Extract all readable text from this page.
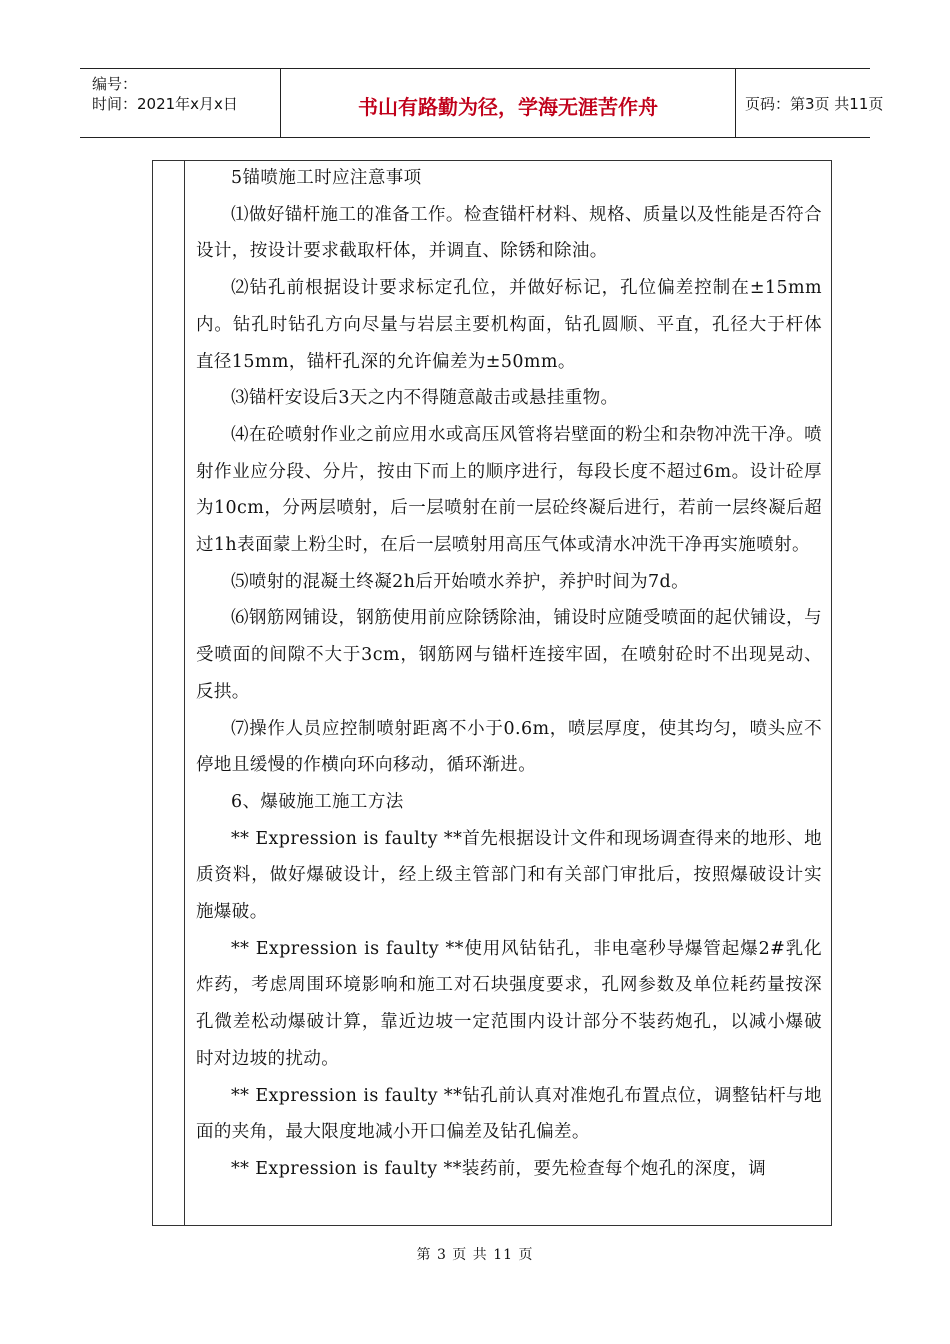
编号：
时间：2021年x月x日	书山有路勤为径，学海无涯苦作舟	页码：第3页 共11页

5锚喷施工时应注意事项

⑴做好锚杆施工的准备工作。检查锚杆材料、规格、质量以及性能是否符合设计，按设计要求截取杆体，并调直、除锈和除油。

⑵钻孔前根据设计要求标定孔位，并做好标记，孔位偏差控制在±15mm内。钻孔时钻孔方向尽量与岩层主要机构面，钻孔圆顺、平直，孔径大于杆体直径15mm，锚杆孔深的允许偏差为±50mm。

⑶锚杆安设后3天之内不得随意敲击或悬挂重物。

⑷在砼喷射作业之前应用水或高压风管将岩壁面的粉尘和杂物冲洗干净。喷射作业应分段、分片，按由下而上的顺序进行，每段长度不超过6m。设计砼厚为10cm，分两层喷射，后一层喷射在前一层砼终凝后进行，若前一层终凝后超过1h表面蒙上粉尘时，在后一层喷射用高压气体或清水冲洗干净再实施喷射。

⑸喷射的混凝土终凝2h后开始喷水养护，养护时间为7d。

⑹钢筋网铺设，钢筋使用前应除锈除油，铺设时应随受喷面的起伏铺设，与受喷面的间隙不大于3cm，钢筋网与锚杆连接牢固，在喷射砼时不出现晃动、反拱。

⑺操作人员应控制喷射距离不小于0.6m，喷层厚度，使其均匀，喷头应不停地且缓慢的作横向环向移动，循环渐进。

6、爆破施工施工方法

** Expression is faulty **首先根据设计文件和现场调查得来的地形、地质资料，做好爆破设计，经上级主管部门和有关部门审批后，按照爆破设计实施爆破。

** Expression is faulty **使用风钻钻孔，非电毫秒导爆管起爆2#乳化炸药，考虑周围环境影响和施工对石块强度要求，孔网参数及单位耗药量按深孔微差松动爆破计算，靠近边坡一定范围内设计部分不装药炮孔，以减小爆破时对边坡的扰动。

** Expression is faulty **钻孔前认真对准炮孔布置点位，调整钻杆与地面的夹角，最大限度地减小开口偏差及钻孔偏差。

** Expression is faulty **装药前，要先检查每个炮孔的深度，调

第 3 页 共 11 页
